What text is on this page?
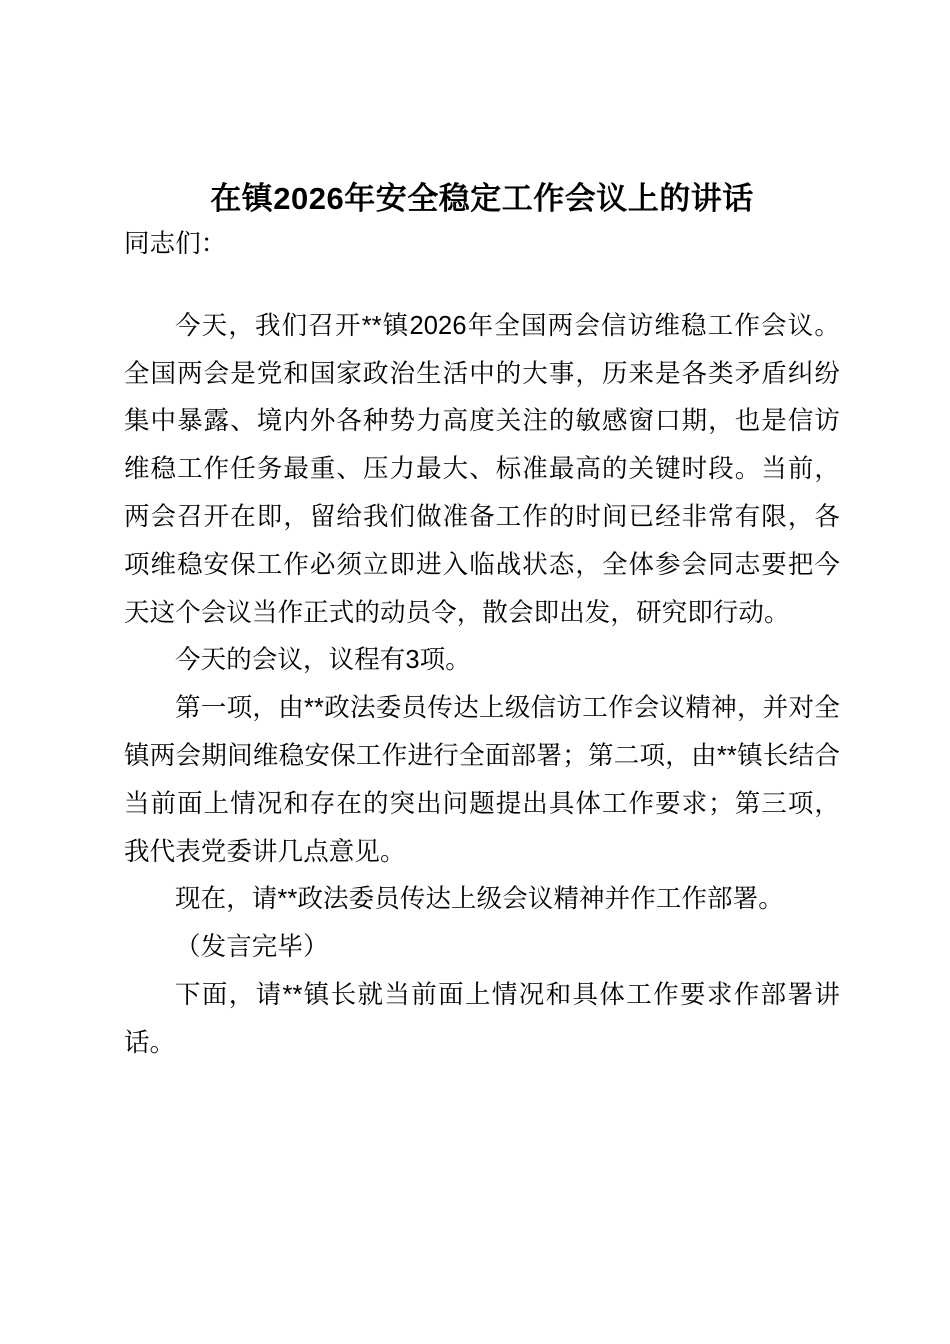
在镇2026年安全稳定工作会议上的讲话

同志们：

今天，我们召开**镇2026年全国两会信访维稳工作会议。全国两会是党和国家政治生活中的大事，历来是各类矛盾纠纷集中暴露、境内外各种势力高度关注的敏感窗口期，也是信访维稳工作任务最重、压力最大、标准最高的关键时段。当前，两会召开在即，留给我们做准备工作的时间已经非常有限，各项维稳安保工作必须立即进入临战状态，全体参会同志要把今天这个会议当作正式的动员令，散会即出发，研究即行动。

今天的会议，议程有3项。

第一项，由**政法委员传达上级信访工作会议精神，并对全镇两会期间维稳安保工作进行全面部署；第二项，由**镇长结合当前面上情况和存在的突出问题提出具体工作要求；第三项，我代表党委讲几点意见。

现在，请**政法委员传达上级会议精神并作工作部署。

（发言完毕）

下面，请**镇长就当前面上情况和具体工作要求作部署讲话。
